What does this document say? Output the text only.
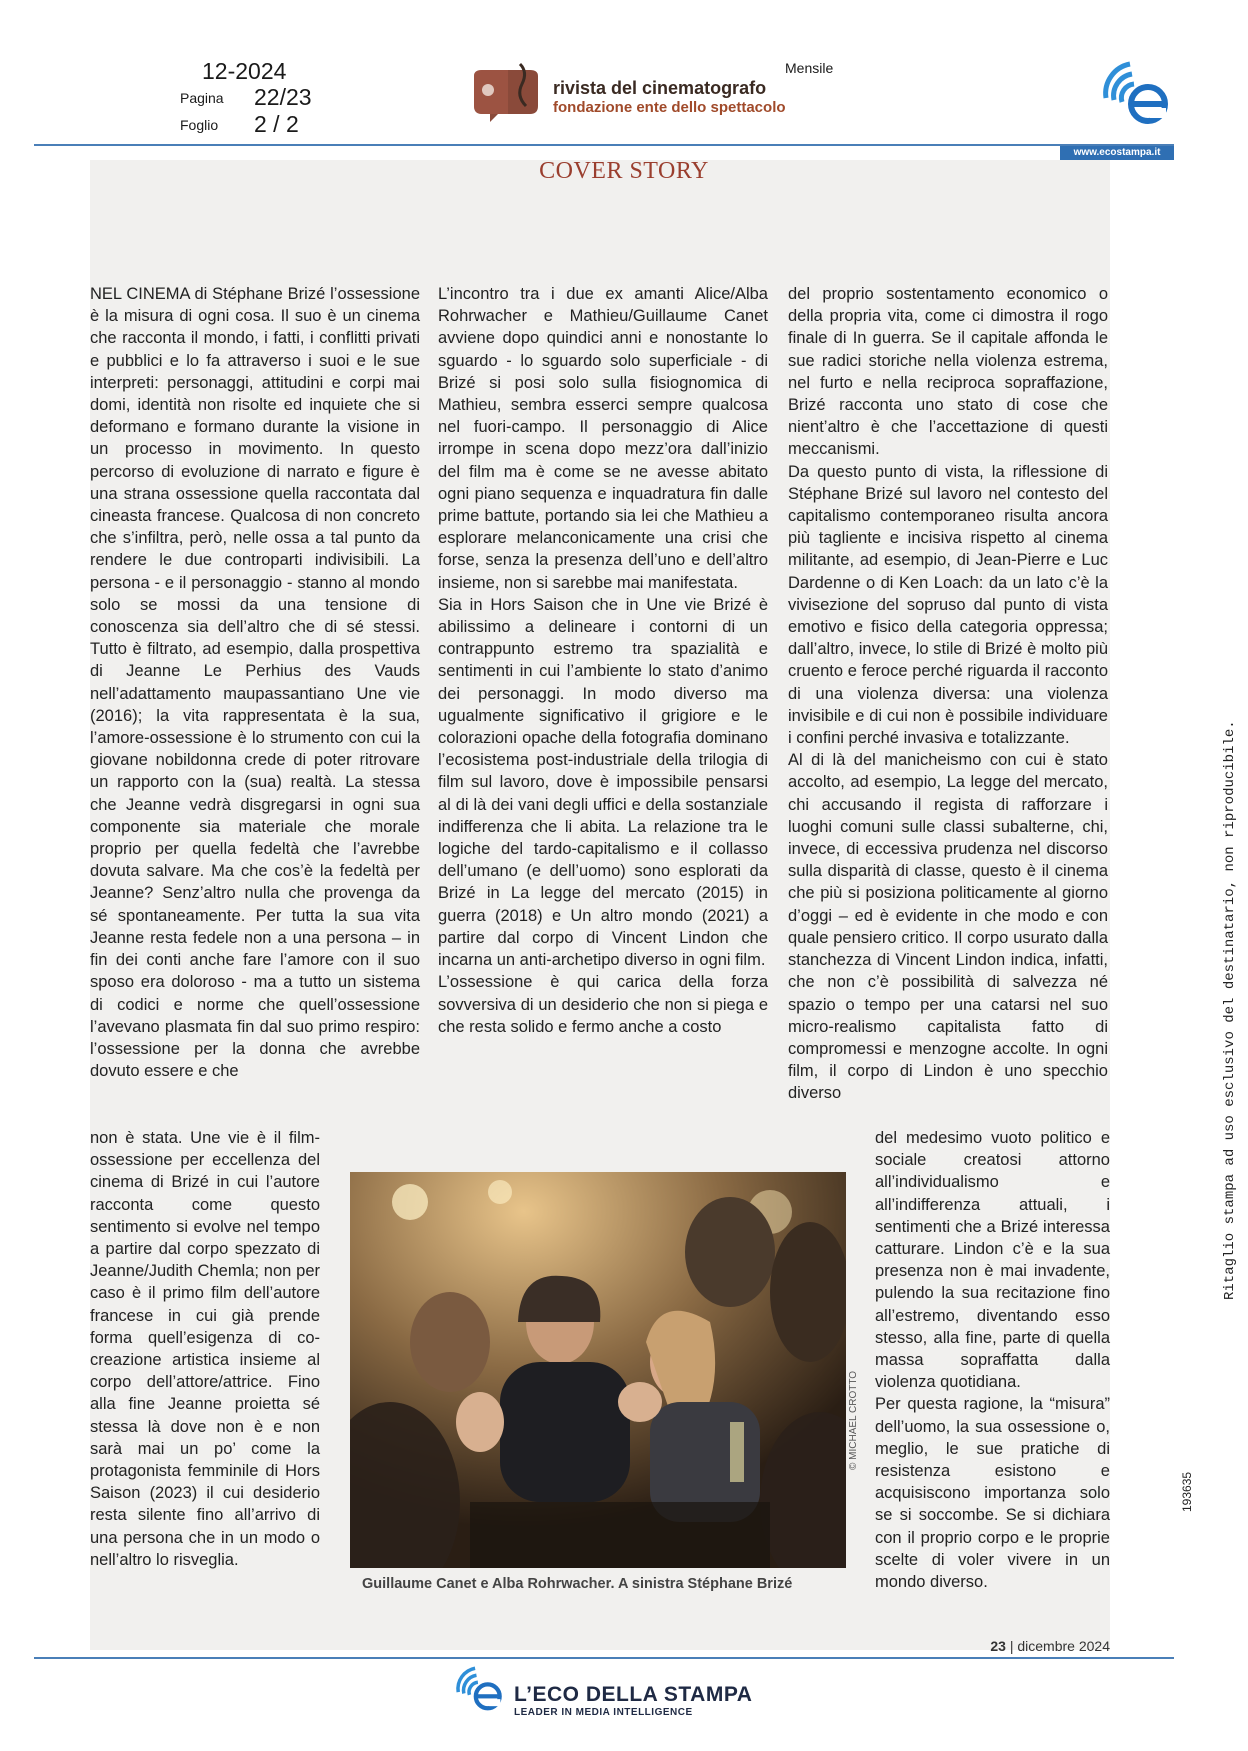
12-2024
Pagina 22/23
Foglio 2 / 2
rivista del cinematografo
fondazione ente dello spettacolo
Mensile
www.ecostampa.it
COVER STORY

NEL CINEMA di Stéphane Brizé l’ossessione è la misura di ogni cosa. Il suo è un cinema che racconta il mondo, i fatti, i conflitti privati e pubblici e lo fa attraverso i suoi e le sue interpreti: personaggi, attitudini e corpi mai domi, identità non risolte ed inquiete che si deformano e formano durante la visione in un processo in movimento. In questo percorso di evoluzione di narrato e figure è una strana ossessione quella raccontata dal cineasta francese. Qualcosa di non concreto che s’infiltra, però, nelle ossa a tal punto da rendere le due controparti indivisibili. La persona - e il personaggio - stanno al mondo solo se mossi da una tensione di conoscenza sia dell’altro che di sé stessi. Tutto è filtrato, ad esempio, dalla prospettiva di Jeanne Le Perhius des Vauds nell’adattamento maupassantiano Une vie (2016); la vita rappresentata è la sua, l’amore-ossessione è lo strumento con cui la giovane nobildonna crede di poter ritrovare un rapporto con la (sua) realtà. La stessa che Jeanne vedrà disgregarsi in ogni sua componente sia materiale che morale proprio per quella fedeltà che l’avrebbe dovuta salvare. Ma che cos’è la fedeltà per Jeanne? Senz’altro nulla che provenga da sé spontaneamente. Per tutta la sua vita Jeanne resta fedele non a una persona – in fin dei conti anche fare l’amore con il suo sposo era doloroso - ma a tutto un sistema di codici e norme che quell’ossessione l’avevano plasmata fin dal suo primo respiro: l’ossessione per la donna che avrebbe dovuto essere e che

non è stata. Une vie è il film-ossessione per eccellenza del cinema di Brizé in cui l’autore racconta come questo sentimento si evolve nel tempo a partire dal corpo spezzato di Jeanne/Judith Chemla; non per caso è il primo film dell’autore francese in cui già prende forma quell’esigenza di co-creazione artistica insieme al corpo dell’attore/attrice. Fino alla fine Jeanne proietta sé stessa là dove non è e non sarà mai un po’ come la protagonista femminile di Hors Saison (2023) il cui desiderio resta silente fino all’arrivo di una persona che in un modo o nell’altro lo risveglia.

L’incontro tra i due ex amanti Alice/Alba Rohrwacher e Mathieu/Guillaume Canet avviene dopo quindici anni e nonostante lo sguardo - lo sguardo solo superficiale - di Brizé si posi solo sulla fisiognomica di Mathieu, sembra esserci sempre qualcosa nel fuori-campo. Il personaggio di Alice irrompe in scena dopo mezz’ora dall’inizio del film ma è come se ne avesse abitato ogni piano sequenza e inquadratura fin dalle prime battute, portando sia lei che Mathieu a esplorare melanconicamente una crisi che forse, senza la presenza dell’uno e dell’altro insieme, non si sarebbe mai manifestata.

Sia in Hors Saison che in Une vie Brizé è abilissimo a delineare i contorni di un contrappunto estremo tra spazialità e sentimenti in cui l’ambiente lo stato d’animo dei personaggi. In modo diverso ma ugualmente significativo il grigiore e le colorazioni opache della fotografia dominano l’ecosistema post-industriale della trilogia di film sul lavoro, dove è impossibile pensarsi al di là dei vani degli uffici e della sostanziale indifferenza che li abita. La relazione tra le logiche del tardo-capitalismo e il collasso dell’umano (e dell’uomo) sono esplorati da Brizé in La legge del mercato (2015) in guerra (2018) e Un altro mondo (2021) a partire dal corpo di Vincent Lindon che incarna un anti-archetipo diverso in ogni film.

L’ossessione è qui carica della forza sovversiva di un desiderio che non si piega e che resta solido e fermo anche a costo

del proprio sostentamento economico o della propria vita, come ci dimostra il rogo finale di In guerra. Se il capitale affonda le sue radici storiche nella violenza estrema, nel furto e nella reciproca sopraffazione, Brizé racconta uno stato di cose che nient’altro è che l’accettazione di questi meccanismi.

Da questo punto di vista, la riflessione di Stéphane Brizé sul lavoro nel contesto del capitalismo contemporaneo risulta ancora più tagliente e incisiva rispetto al cinema militante, ad esempio, di Jean-Pierre e Luc Dardenne o di Ken Loach: da un lato c’è la vivisezione del sopruso dal punto di vista emotivo e fisico della categoria oppressa; dall’altro, invece, lo stile di Brizé è molto più cruento e feroce perché riguarda il racconto di una violenza diversa: una violenza invisibile e di cui non è possibile individuare i confini perché invasiva e totalizzante.

Al di là del manicheismo con cui è stato accolto, ad esempio, La legge del mercato, chi accusando il regista di rafforzare i luoghi comuni sulle classi subalterne, chi, invece, di eccessiva prudenza nel discorso sulla disparità di classe, questo è il cinema che più si posiziona politicamente al giorno d’oggi – ed è evidente in che modo e con quale pensiero critico. Il corpo usurato dalla stanchezza di Vincent Lindon indica, infatti, che non c’è possibilità di salvezza né spazio o tempo per una catarsi nel suo micro-realismo capitalista fatto di compromessi e menzogne accolte. In ogni film, il corpo di Lindon è uno specchio diverso

del medesimo vuoto politico e sociale creatosi attorno all’individualismo e all’indifferenza attuali, i sentimenti che a Brizé interessa catturare. Lindon c’è e la sua presenza non è mai invadente, pulendo la sua recitazione fino all’estremo, diventando esso stesso, alla fine, parte di quella massa sopraffatta dalla violenza quotidiana.

Per questa ragione, la “misura” dell’uomo, la sua ossessione o, meglio, le sue pratiche di resistenza esistono e acquisiscono importanza solo se si soccombe. Se si dichiara con il proprio corpo e le proprie scelte di voler vivere in un mondo diverso.

© MICHAEL CROTTO
Guillaume Canet e Alba Rohrwacher. A sinistra Stéphane Brizé
23 | dicembre 2024
Ritaglio stampa ad uso esclusivo del destinatario, non riproducibile.
193635
L’ECO DELLA STAMPA
LEADER IN MEDIA INTELLIGENCE
